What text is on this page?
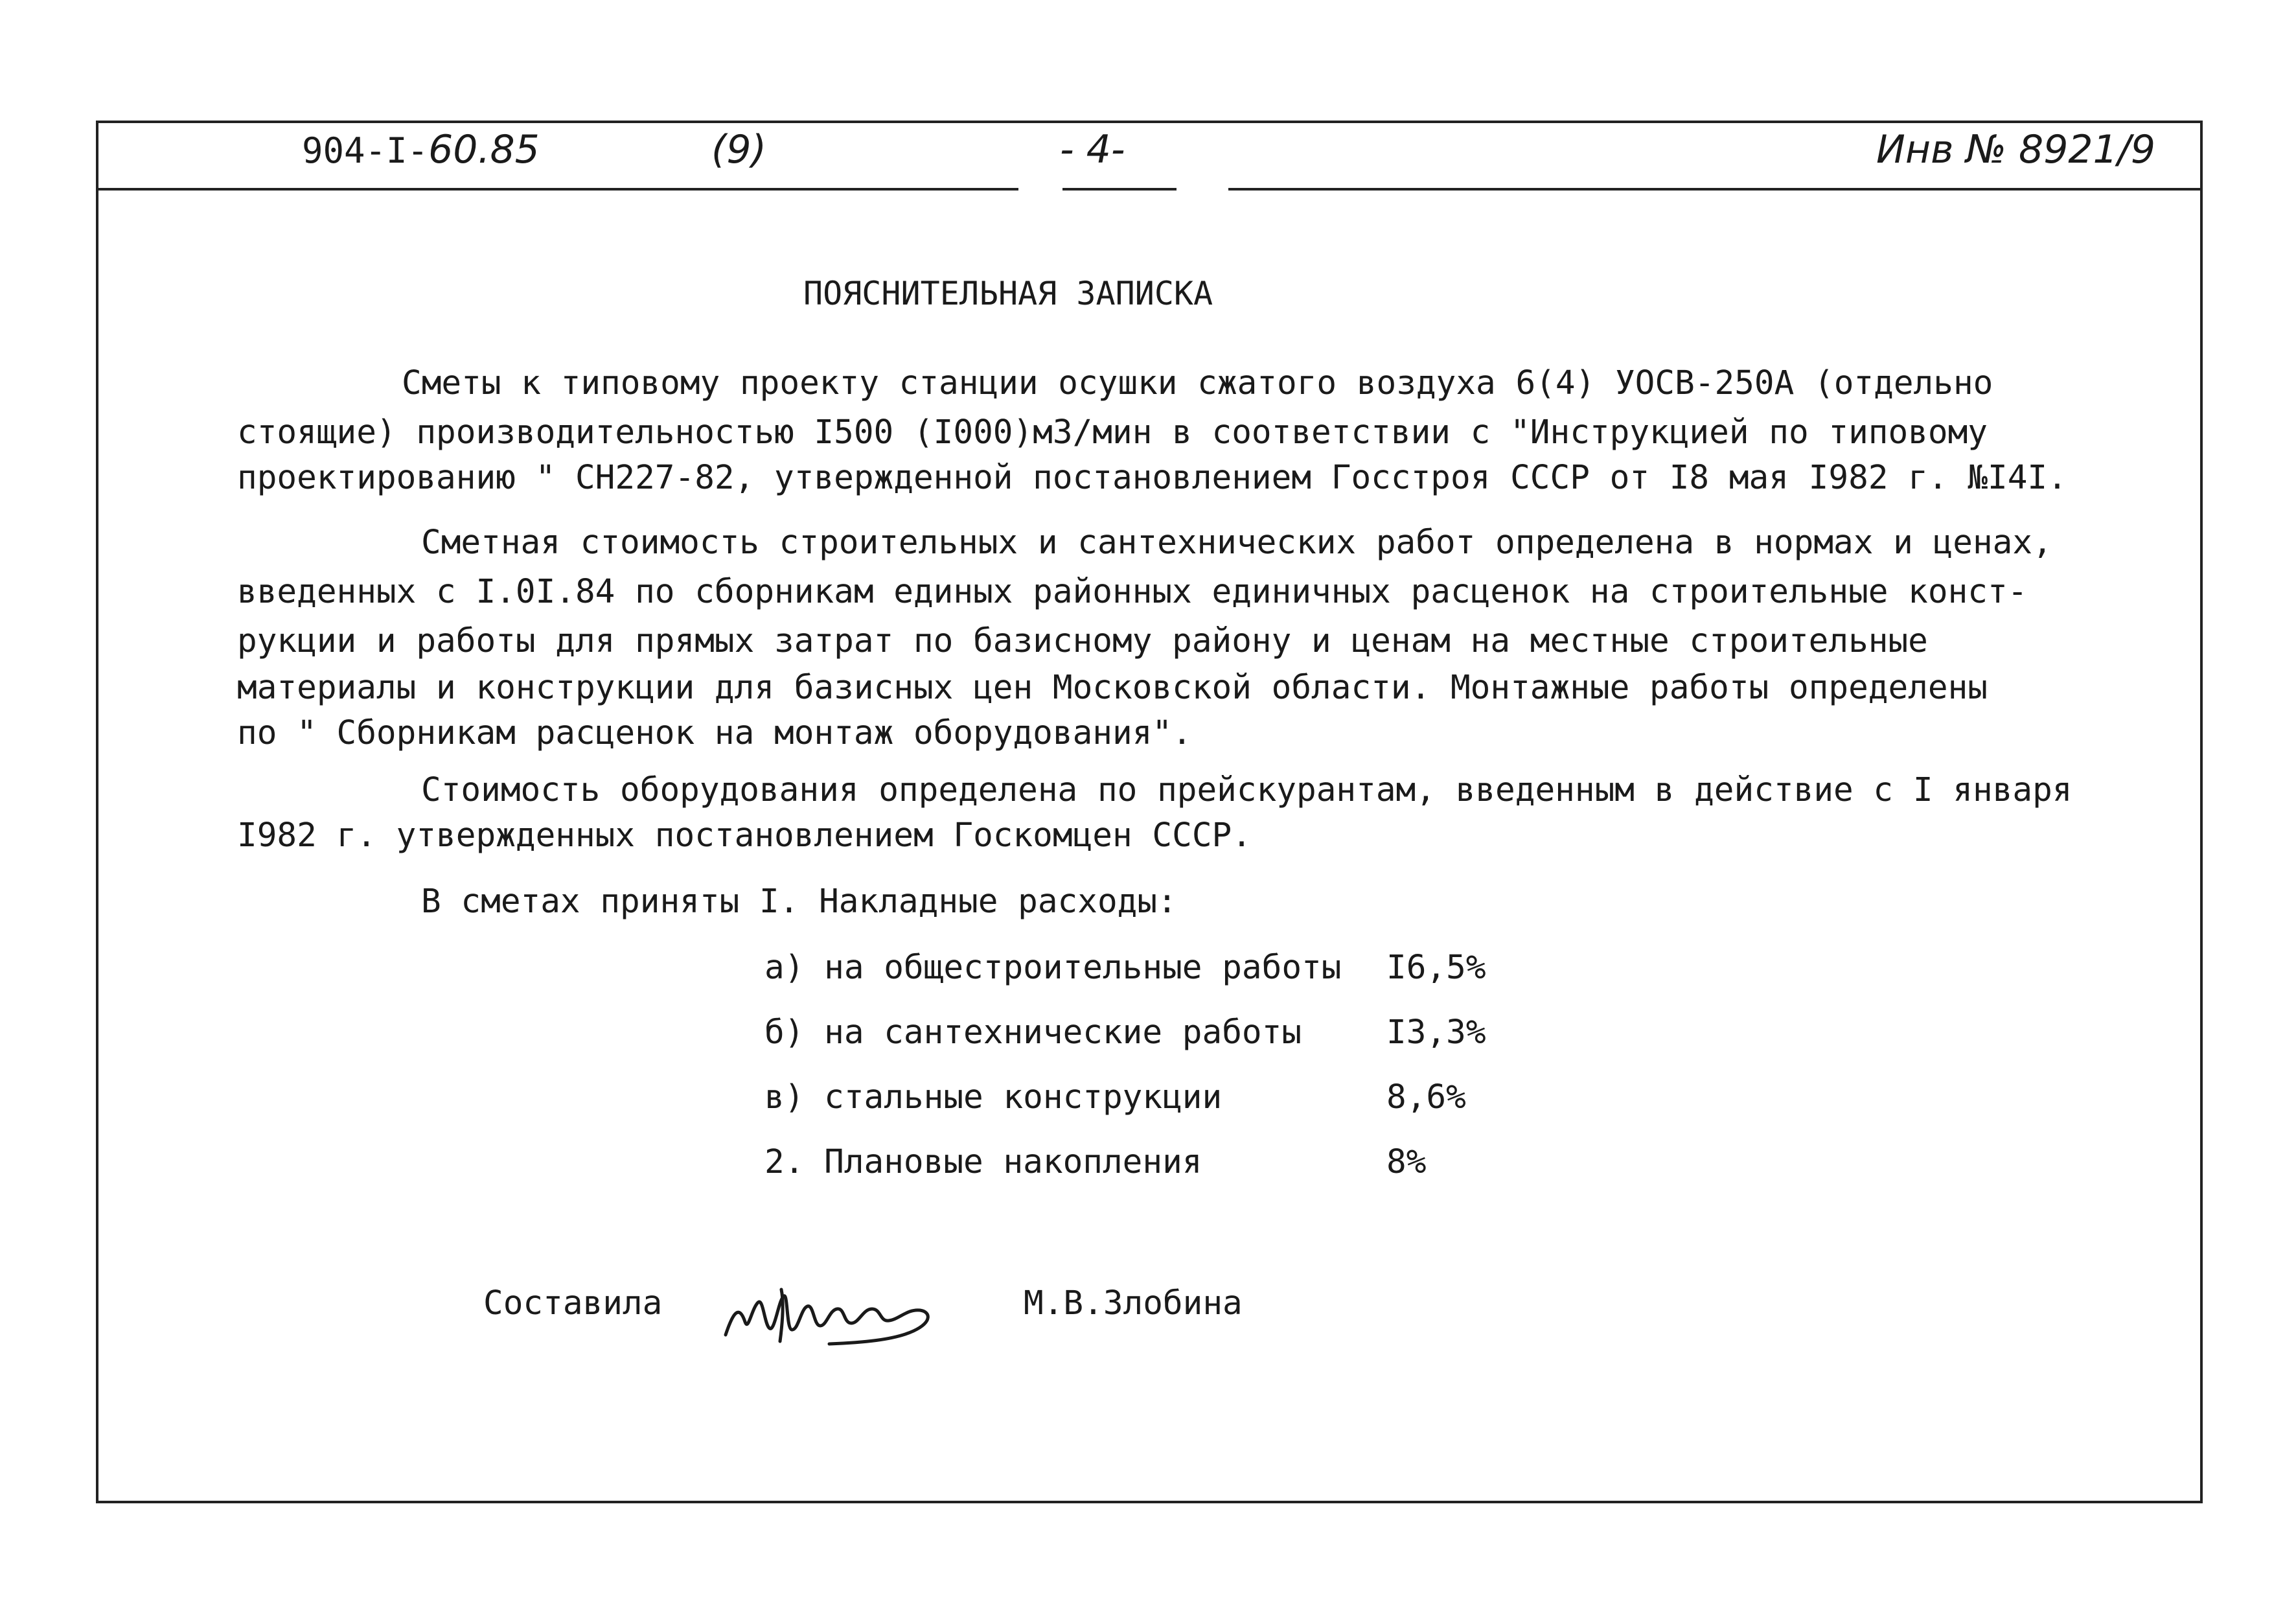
904-I-60.85	(9)	- 4-	Инв № 8921/9
ПОЯСНИТЕЛЬНАЯ ЗАПИСКА
Сметы к типовому проекту станции осушки сжатого воздуха 6(4) УОСВ-250А (отдельно
стоящие) производительностью I500 (I000)м3/мин в соответствии с "Инструкцией по типовому
проектированию " СН227-82, утвержденной постановлением Госстроя СССР от I8 мая I982 г. №I4I.
Сметная стоимость строительных и сантехнических работ определена в нормах и ценах,
введенных с I.0I.84 по сборникам единых районных единичных расценок на строительные конст-
рукции и работы для прямых затрат по базисному району и ценам на местные строительные
материалы и конструкции для базисных цен Московской области. Монтажные работы определены
по " Сборникам расценок на монтаж оборудования".
Стоимость оборудования определена по прейскурантам, введенным в действие с I января
I982 г. утвержденных постановлением Госкомцен СССР.
В сметах приняты I. Накладные расходы:
а) на общестроительные работы I6,5%
б) на сантехнические работы	I3,3%
в) стальные конструкции	8,6%
2. Плановые накопления	8%
Составила	М.В.Злобина
